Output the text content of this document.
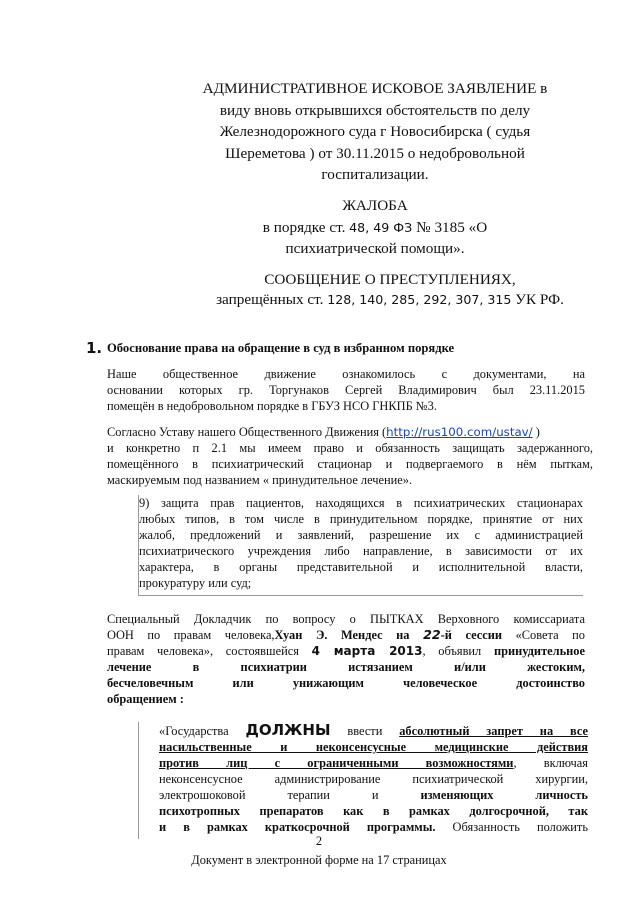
АДМИНИСТРАТИВНОЕ ИСКОВОЕ ЗАЯВЛЕНИЕ в
виду вновь открывшихся обстоятельств по делу
Железнодорожного суда г Новосибирска ( судья
Шереметова ) от 30.11.2015 о недобровольной
госпитализации.
ЖАЛОБА
в порядке ст. 48, 49 ФЗ № 3185 «О
психиатрической помощи».
СООБЩЕНИЕ О ПРЕСТУПЛЕНИЯХ,
запрещённых ст. 128, 140, 285, 292, 307, 315 УК РФ.
1. Обоснование права на обращение в суд в избранном порядке
Наше общественное движение ознакомилось с документами, на
основании которых гр. Торгунаков Сергей Владимирович был 23.11.2015
помещён в недобровольном порядке в ГБУЗ НСО ГНКПБ №3.
Согласно Уставу нашего Общественного Движения (http://rus100.com/ustav/ )
и конкретно п 2.1 мы имеем право и обязанность защищать задержанного,
помещённого в психиатрический стационар и подвергаемого в нём пыткам,
маскируемым под названием « принудительное лечение».
9) защита прав пациентов, находящихся в психиатрических стационарах
любых типов, в том числе в принудительном порядке, принятие от них
жалоб, предложений и заявлений, разрешение их с администрацией
психиатрического учреждения либо направление, в зависимости от их
характера, в органы представительной и исполнительной власти,
прокуратуру или суд;
Специальный Докладчик по вопросу о ПЫТКАХ Верховного комиссариата
ООН по правам человека,Хуан Э. Мендес на 22-й сессии «Совета по
правам человека», состоявшейся 4 марта 2013, объявил принудительное
лечение в психиатрии истязанием и/или жестоким,
бесчеловечным или унижающим человеческое достоинство
обращением :
«Государства ДОЛЖНЫ ввести абсолютный запрет на все
насильственные и неконсенсусные медицинские действия
против лиц с ограниченными возможностями, включая
неконсенсусное администрирование психиатрической хирургии,
электрошоковой терапии и изменяющих личность
психотропных препаратов как в рамках долгосрочной, так
и в рамках краткосрочной программы. Обязанность положить
2
Документ в электронной форме на 17 страницах
